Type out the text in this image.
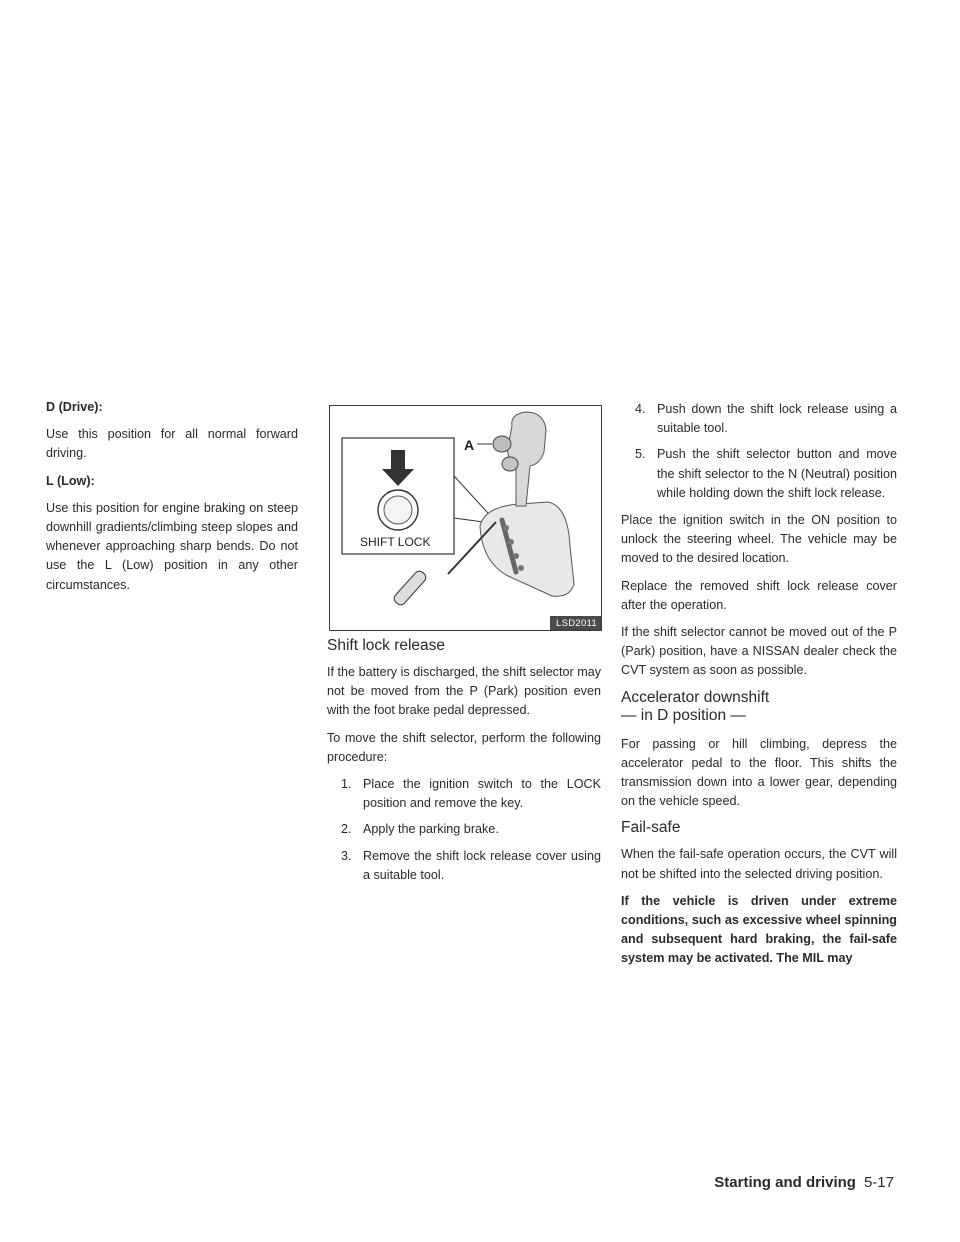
D (Drive):

Use this position for all normal forward driving.

L (Low):

Use this position for engine braking on steep downhill gradients/climbing steep slopes and whenever approaching sharp bends. Do not use the L (Low) position in any other circumstances.

A
SHIFT LOCK
LSD2011
Shift lock release

If the battery is discharged, the shift selector may not be moved from the P (Park) position even with the foot brake pedal depressed.

To move the shift selector, perform the following procedure:

1. Place the ignition switch to the LOCK position and remove the key.
2. Apply the parking brake.
3. Remove the shift lock release cover using a suitable tool.
4. Push down the shift lock release using a suitable tool.
5. Push the shift selector button and move the shift selector to the N (Neutral) position while holding down the shift lock release.

Place the ignition switch in the ON position to unlock the steering wheel. The vehicle may be moved to the desired location.

Replace the removed shift lock release cover after the operation.

If the shift selector cannot be moved out of the P (Park) position, have a NISSAN dealer check the CVT system as soon as possible.

Accelerator downshift
— in D position —

For passing or hill climbing, depress the accelerator pedal to the floor. This shifts the transmission down into a lower gear, depending on the vehicle speed.

Fail-safe

When the fail-safe operation occurs, the CVT will not be shifted into the selected driving position.

If the vehicle is driven under extreme conditions, such as excessive wheel spinning and subsequent hard braking, the fail-safe system may be activated. The MIL may

Starting and driving 5-17
